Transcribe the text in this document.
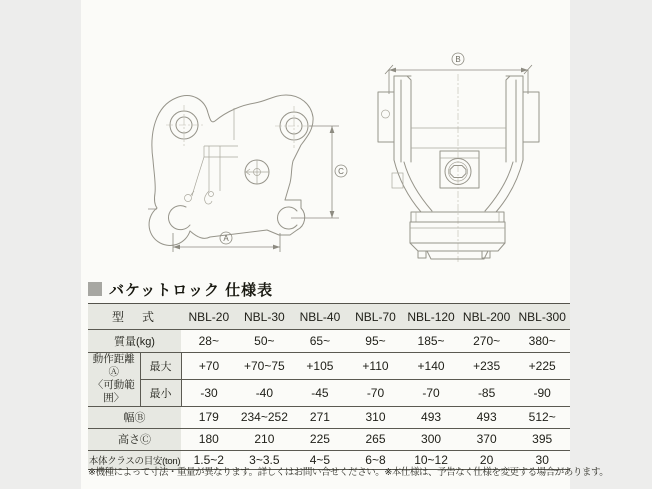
A
C
B
バケットロック 仕様表
型　式		NBL-20	NBL-30	NBL-40	NBL-70	NBL-120	NBL-200	NBL-300
質量(kg)		28~	50~	65~	95~	185~	270~	380~
動作距離Ⓐ
〈可動範囲〉	最大	+70	+70~75	+105	+110	+140	+235	+225
	最小	-30	-40	-45	-70	-70	-85	-90
幅Ⓑ		179	234~252	271	310	493	493	512~
高さⒸ		180	210	225	265	300	370	395
本体クラスの目安(ton)		1.5~2	3~3.5	4~5	6~8	10~12	20	30
※機種によって寸法・重量が異なります。詳しくはお問い合せください。※本仕様は、予告なく仕様を変更する場合があります。
